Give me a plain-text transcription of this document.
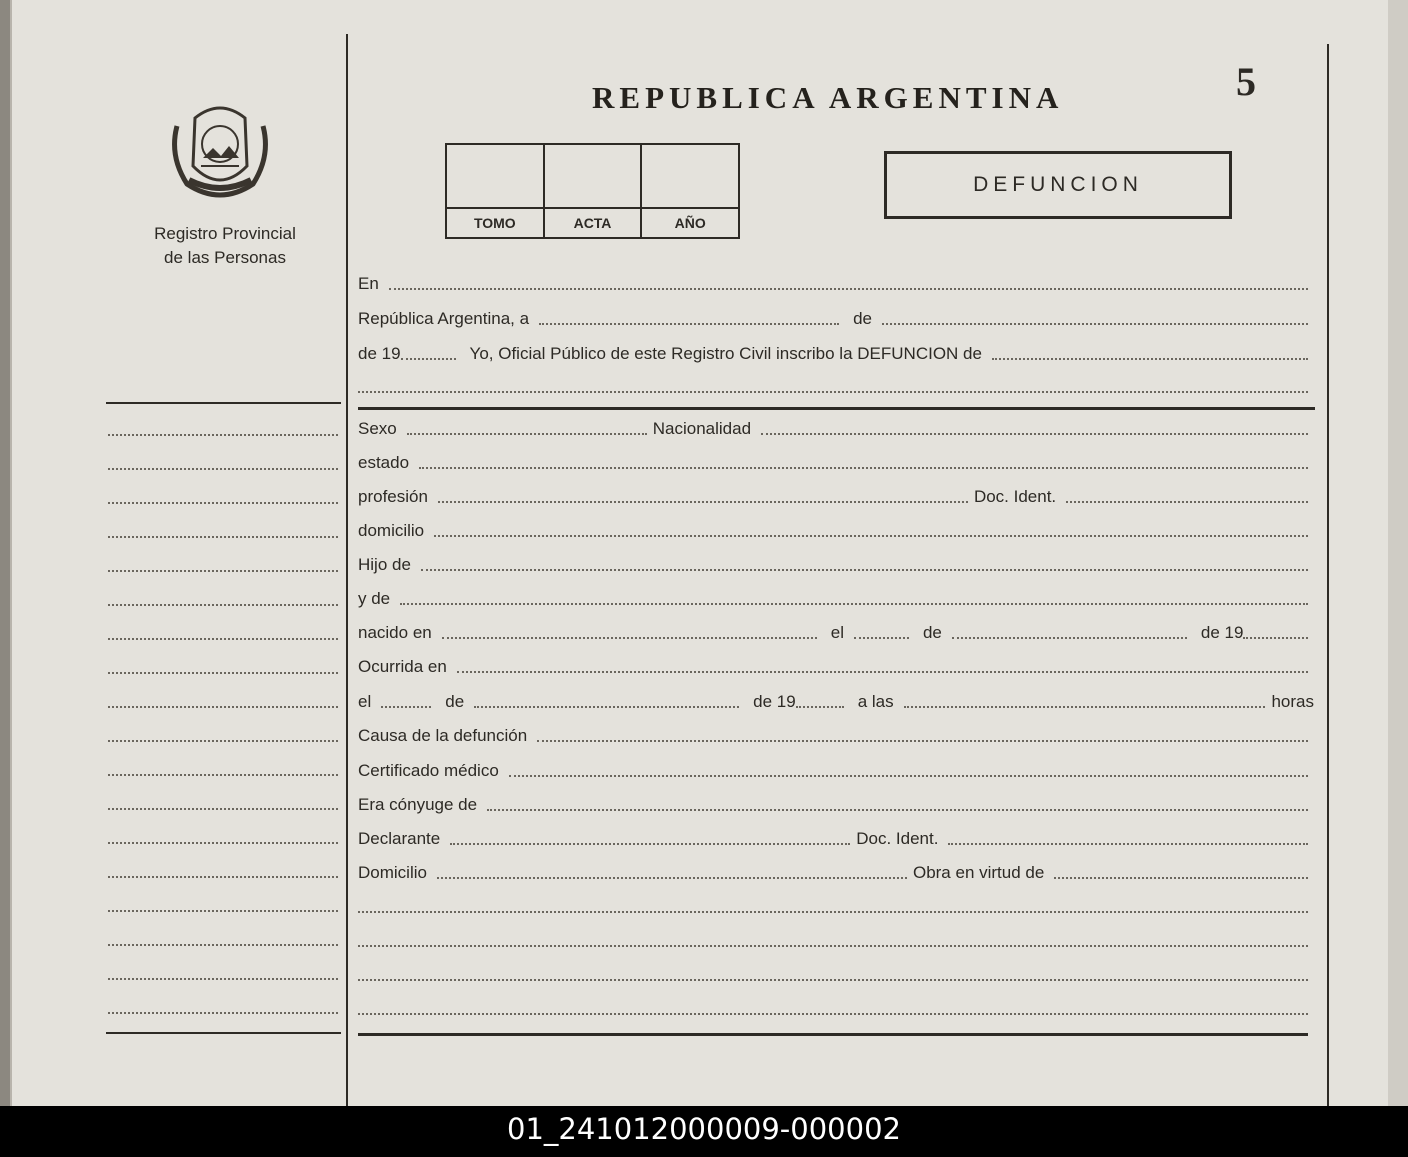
Registro Provincial
de las Personas
REPUBLICA ARGENTINA	5
TOMO	ACTA	AÑO
DEFUNCION
En
República Argentina, a	de
de 19	Yo, Oficial Público de este Registro Civil inscribo la DEFUNCION de
Sexo	Nacionalidad
estado
profesión	Doc. Ident.
domicilio
Hijo de
y de
nacido en	el	de	de 19
Ocurrida en
el	de	de 19	a las	horas
Causa de la defunción
Certificado médico
Era cónyuge de
Declarante	Doc. Ident.
Domicilio	Obra en virtud de
01_241012000009-000002
